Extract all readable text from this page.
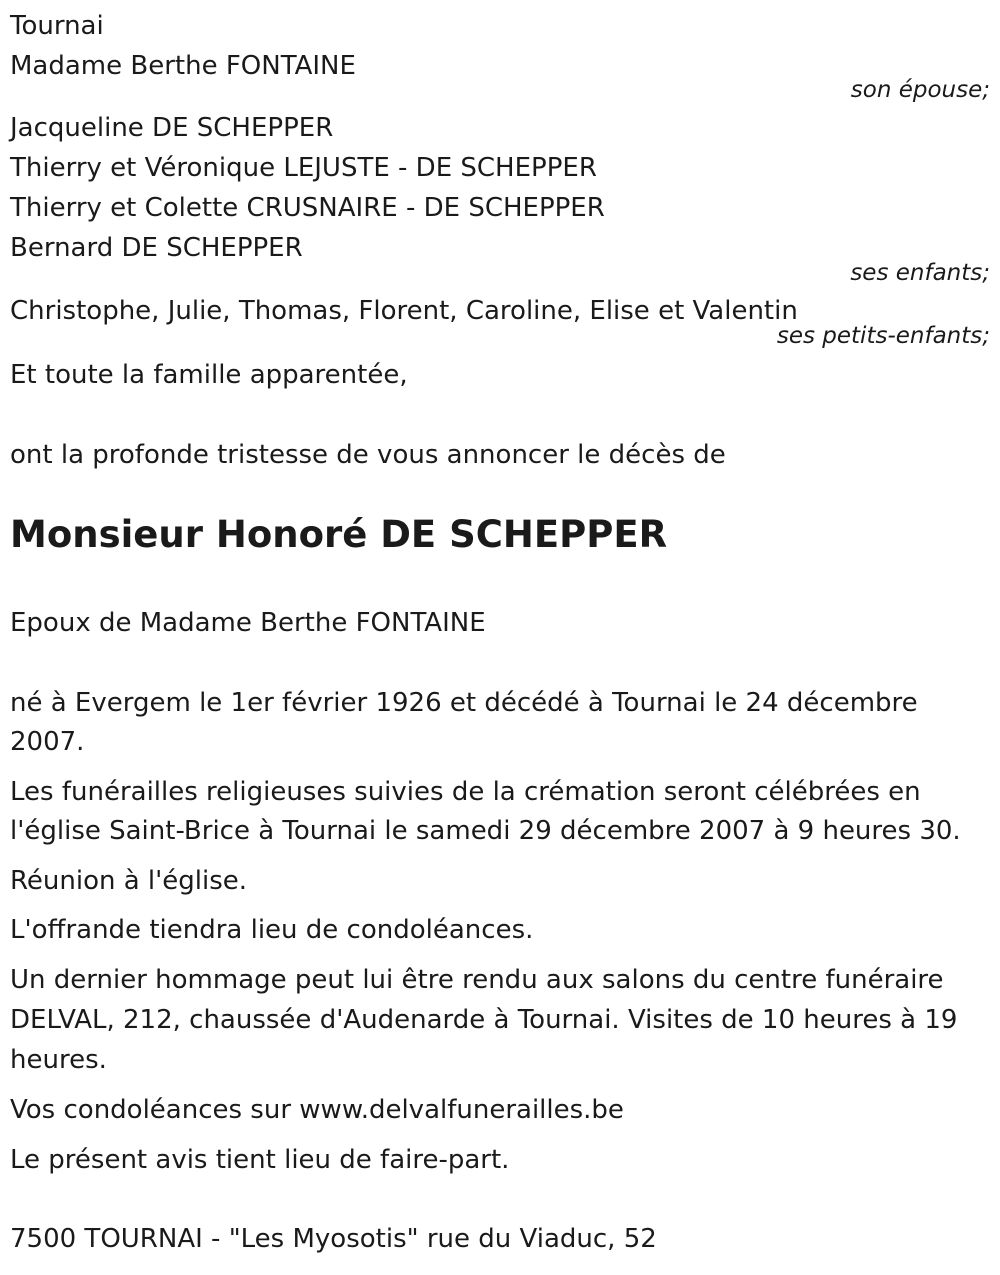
Tournai

Madame Berthe FONTAINE

son épouse;

Jacqueline DE SCHEPPER

Thierry et Véronique LEJUSTE - DE SCHEPPER

Thierry et Colette CRUSNAIRE - DE SCHEPPER

Bernard DE SCHEPPER

ses enfants;

Christophe, Julie, Thomas, Florent, Caroline, Elise et Valentin

ses petits-enfants;

Et toute la famille apparentée,

ont la profonde tristesse de vous annoncer le décès de

Monsieur Honoré DE SCHEPPER

Epoux de Madame Berthe FONTAINE

né à Evergem le 1er février 1926 et décédé à Tournai le 24 décembre

2007.

Les funérailles religieuses suivies de la crémation seront célébrées en

l'église Saint-Brice à Tournai le samedi 29 décembre 2007 à 9 heures 30.

Réunion à l'église.

L'offrande tiendra lieu de condoléances.

Un dernier hommage peut lui être rendu aux salons du centre funéraire

DELVAL, 212, chaussée d'Audenarde à Tournai. Visites de 10 heures à 19

heures.

Vos condoléances sur www.delvalfunerailles.be

Le présent avis tient lieu de faire-part.

7500 TOURNAI - "Les Myosotis" rue du Viaduc, 52
